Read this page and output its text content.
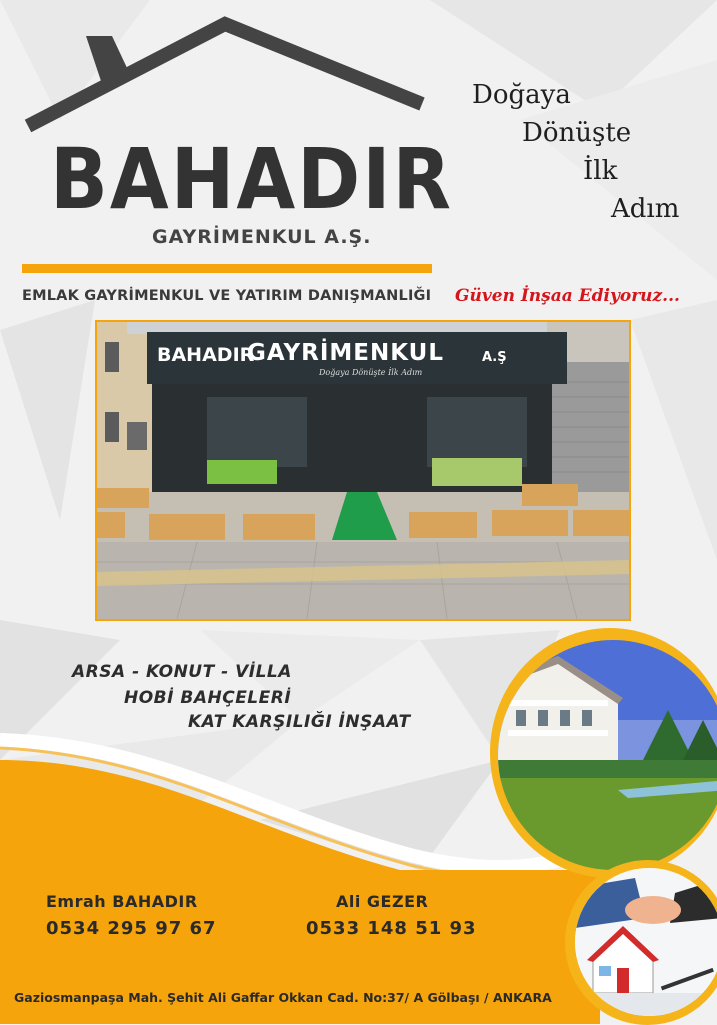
BAHADIR
GAYRİMENKUL A.Ş.
Doğaya
Dönüşte
İlk
Adım
EMLAK GAYRİMENKUL VE YATIRIM DANIŞMANLIĞI Güven İnşaa Ediyoruz...
BAHADIR
GAYRİMENKUL	A.Ş
Doğaya Dönüşte İlk Adım
ARSA - KONUT - VİLLA
HOBİ BAHÇELERİ
KAT KARŞILIĞI İNŞAAT
Emrah BAHADIR
0534 295 97 67
Ali GEZER
0533 148 51 93
Gaziosmanpaşa Mah. Şehit Ali Gaffar Okkan Cad. No:37/ A Gölbaşı / ANKARA
